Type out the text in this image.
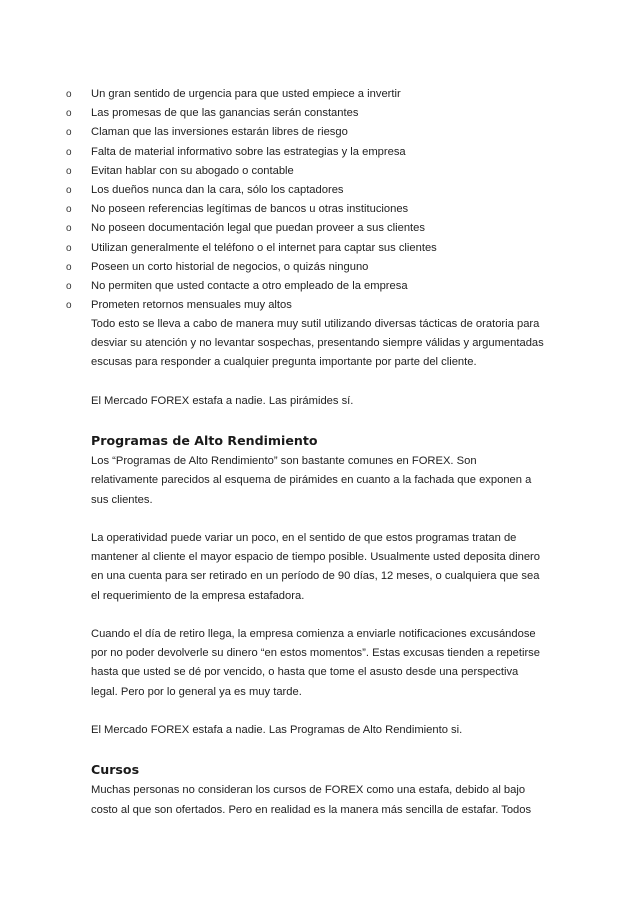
o	Un gran sentido de urgencia para que usted empiece a invertir
o	Las promesas de que las ganancias serán constantes
o	Claman que las inversiones estarán libres de riesgo
o	Falta de material informativo sobre las estrategias y la empresa
o	Evitan hablar con su abogado o contable
o	Los dueños nunca dan la cara, sólo los captadores
o	No poseen referencias legítimas de bancos u otras instituciones
o	No poseen documentación legal que puedan proveer a sus clientes
o	Utilizan generalmente el teléfono o el internet para captar sus clientes
o	Poseen un corto historial de negocios, o quizás ninguno
o	No permiten que usted contacte a otro empleado de la empresa
o	Prometen retornos mensuales muy altos

Todo esto se lleva a cabo de manera muy sutil utilizando diversas tácticas de oratoria para
desviar su atención y no levantar sospechas, presentando siempre válidas y argumentadas
escusas para responder a cualquier pregunta importante por parte del cliente.

El Mercado FOREX estafa a nadie. Las pirámides sí.

Programas de Alto Rendimiento

Los “Programas de Alto Rendimiento” son bastante comunes en FOREX. Son
relativamente parecidos al esquema de pirámides en cuanto a la fachada que exponen a
sus clientes.

La operatividad puede variar un poco, en el sentido de que estos programas tratan de
mantener al cliente el mayor espacio de tiempo posible. Usualmente usted deposita dinero
en una cuenta para ser retirado en un período de 90 días, 12 meses, o cualquiera que sea
el requerimiento de la empresa estafadora.

Cuando el día de retiro llega, la empresa comienza a enviarle notificaciones excusándose
por no poder devolverle su dinero “en estos momentos”. Estas excusas tienden a repetirse
hasta que usted se dé por vencido, o hasta que tome el asusto desde una perspectiva
legal. Pero por lo general ya es muy tarde.

El Mercado FOREX estafa a nadie. Las Programas de Alto Rendimiento si.

Cursos

Muchas personas no consideran los cursos de FOREX como una estafa, debido al bajo
costo al que son ofertados. Pero en realidad es la manera más sencilla de estafar. Todos
